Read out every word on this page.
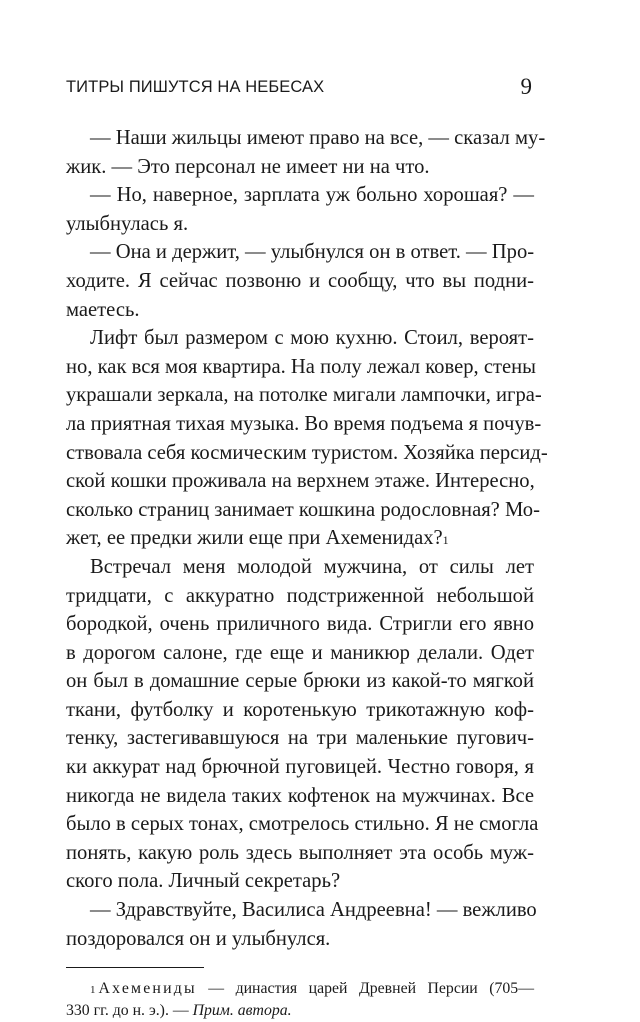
ТИТРЫ ПИШУТСЯ НА НЕБЕСАХ	9

— Наши жильцы имеют право на все, — сказал му-
жик. — Это персонал не имеет ни на что.

— Но, наверное, зарплата уж больно хорошая? —
улыбнулась я.

— Она и держит, — улыбнулся он в ответ. — Про-
ходите. Я сейчас позвоню и сообщу, что вы подни-
маетесь.

Лифт был размером с мою кухню. Стоил, вероят-
но, как вся моя квартира. На полу лежал ковер, стены
украшали зеркала, на потолке мигали лампочки, игра-
ла приятная тихая музыка. Во время подъема я почув-
ствовала себя космическим туристом. Хозяйка персид-
ской кошки проживала на верхнем этаже. Интересно,
сколько страниц занимает кошкина родословная? Мо-
жет, ее предки жили еще при Ахеменидах?$^1$

Встречал меня молодой мужчина, от силы лет
тридцати, с аккуратно подстриженной небольшой
бородкой, очень приличного вида. Стригли его явно
в дорогом салоне, где еще и маникюр делали. Одет
он был в домашние серые брюки из какой-то мягкой
ткани, футболку и коротенькую трикотажную коф-
тенку, застегивавшуюся на три маленькие пугович-
ки аккурат над брючной пуговицей. Честно говоря, я
никогда не видела таких кофтенок на мужчинах. Все
было в серых тонах, смотрелось стильно. Я не смогла
понять, какую роль здесь выполняет эта особь муж-
ского пола. Личный секретарь?

— Здравствуйте, Василиса Андреевна! — вежливо
поздоровался он и улыбнулся.

$^1$ Ахемениды — династия царей Древней Персии (705—
330 гг. до н. э.). — Прим. автора.
